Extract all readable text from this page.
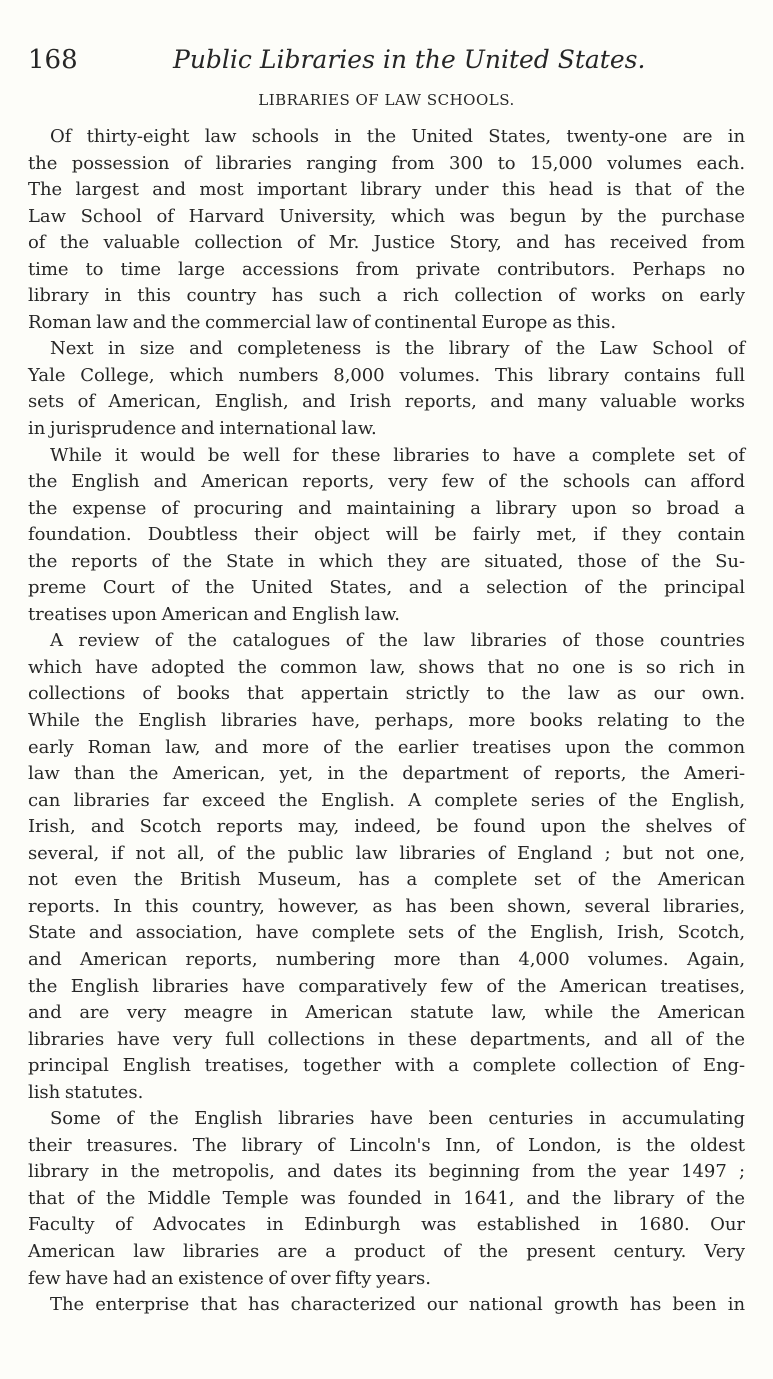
168	Public Libraries in the United States.
LIBRARIES OF LAW SCHOOLS.
Of thirty-eight law schools in the United States, twenty-one are in
the possession of libraries ranging from 300 to 15,000 volumes each.
The largest and most important library under this head is that of the
Law School of Harvard University, which was begun by the purchase
of the valuable collection of Mr. Justice Story, and has received from
time to time large accessions from private contributors. Perhaps no
library in this country has such a rich collection of works on early
Roman law and the commercial law of continental Europe as this.
Next in size and completeness is the library of the Law School of
Yale College, which numbers 8,000 volumes. This library contains full
sets of American, English, and Irish reports, and many valuable works
in jurisprudence and international law.
While it would be well for these libraries to have a complete set of
the English and American reports, very few of the schools can afford
the expense of procuring and maintaining a library upon so broad a
foundation. Doubtless their object will be fairly met, if they contain
the reports of the State in which they are situated, those of the Su-
preme Court of the United States, and a selection of the principal
treatises upon American and English law.
A review of the catalogues of the law libraries of those countries
which have adopted the common law, shows that no one is so rich in
collections of books that appertain strictly to the law as our own.
While the English libraries have, perhaps, more books relating to the
early Roman law, and more of the earlier treatises upon the common
law than the American, yet, in the department of reports, the Ameri-
can libraries far exceed the English. A complete series of the English,
Irish, and Scotch reports may, indeed, be found upon the shelves of
several, if not all, of the public law libraries of England ; but not one,
not even the British Museum, has a complete set of the American
reports. In this country, however, as has been shown, several libraries,
State and association, have complete sets of the English, Irish, Scotch,
and American reports, numbering more than 4,000 volumes. Again,
the English libraries have comparatively few of the American treatises,
and are very meagre in American statute law, while the American
libraries have very full collections in these departments, and all of the
principal English treatises, together with a complete collection of Eng-
lish statutes.
Some of the English libraries have been centuries in accumulating
their treasures. The library of Lincoln's Inn, of London, is the oldest
library in the metropolis, and dates its beginning from the year 1497 ;
that of the Middle Temple was founded in 1641, and the library of the
Faculty of Advocates in Edinburgh was established in 1680. Our
American law libraries are a product of the present century. Very
few have had an existence of over fifty years.
The enterprise that has characterized our national growth has been in
